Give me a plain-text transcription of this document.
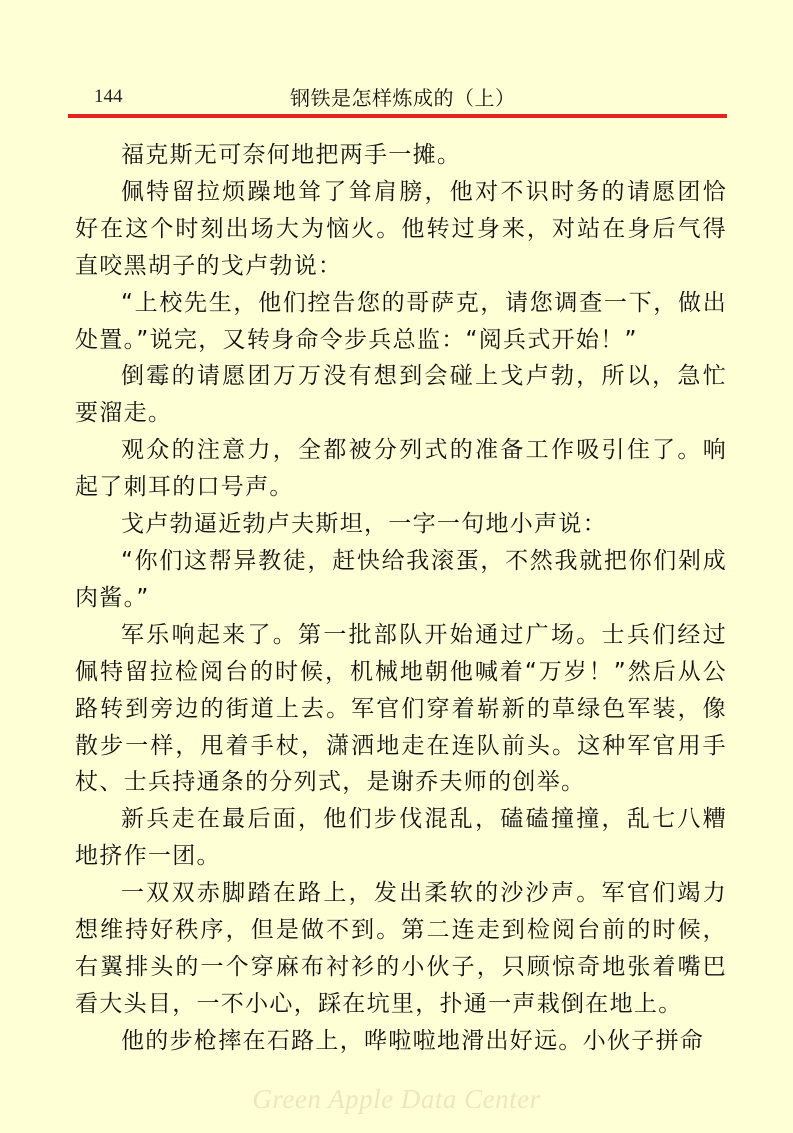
144	钢铁是怎样炼成的（上）

福克斯无可奈何地把两手一摊。

佩特留拉烦躁地耸了耸肩膀，他对不识时务的请愿团恰好在这个时刻出场大为恼火。他转过身来，对站在身后气得直咬黑胡子的戈卢勃说：

“上校先生，他们控告您的哥萨克，请您调查一下，做出处置。”说完，又转身命令步兵总监：“阅兵式开始！”

倒霉的请愿团万万没有想到会碰上戈卢勃，所以，急忙要溜走。

观众的注意力，全都被分列式的准备工作吸引住了。响起了刺耳的口号声。

戈卢勃逼近勃卢夫斯坦，一字一句地小声说：

“你们这帮异教徒，赶快给我滚蛋，不然我就把你们剁成肉酱。”

军乐响起来了。第一批部队开始通过广场。士兵们经过佩特留拉检阅台的时候，机械地朝他喊着“万岁！”然后从公路转到旁边的街道上去。军官们穿着崭新的草绿色军装，像散步一样，甩着手杖，潇洒地走在连队前头。这种军官用手杖、士兵持通条的分列式，是谢乔夫师的创举。

新兵走在最后面，他们步伐混乱，磕磕撞撞，乱七八糟地挤作一团。

一双双赤脚踏在路上，发出柔软的沙沙声。军官们竭力想维持好秩序，但是做不到。第二连走到检阅台前的时候，右翼排头的一个穿麻布衬衫的小伙子，只顾惊奇地张着嘴巴看大头目，一不小心，踩在坑里，扑通一声栽倒在地上。

他的步枪摔在石路上，哗啦啦地滑出好远。小伙子拼命

Green Apple Data Center
